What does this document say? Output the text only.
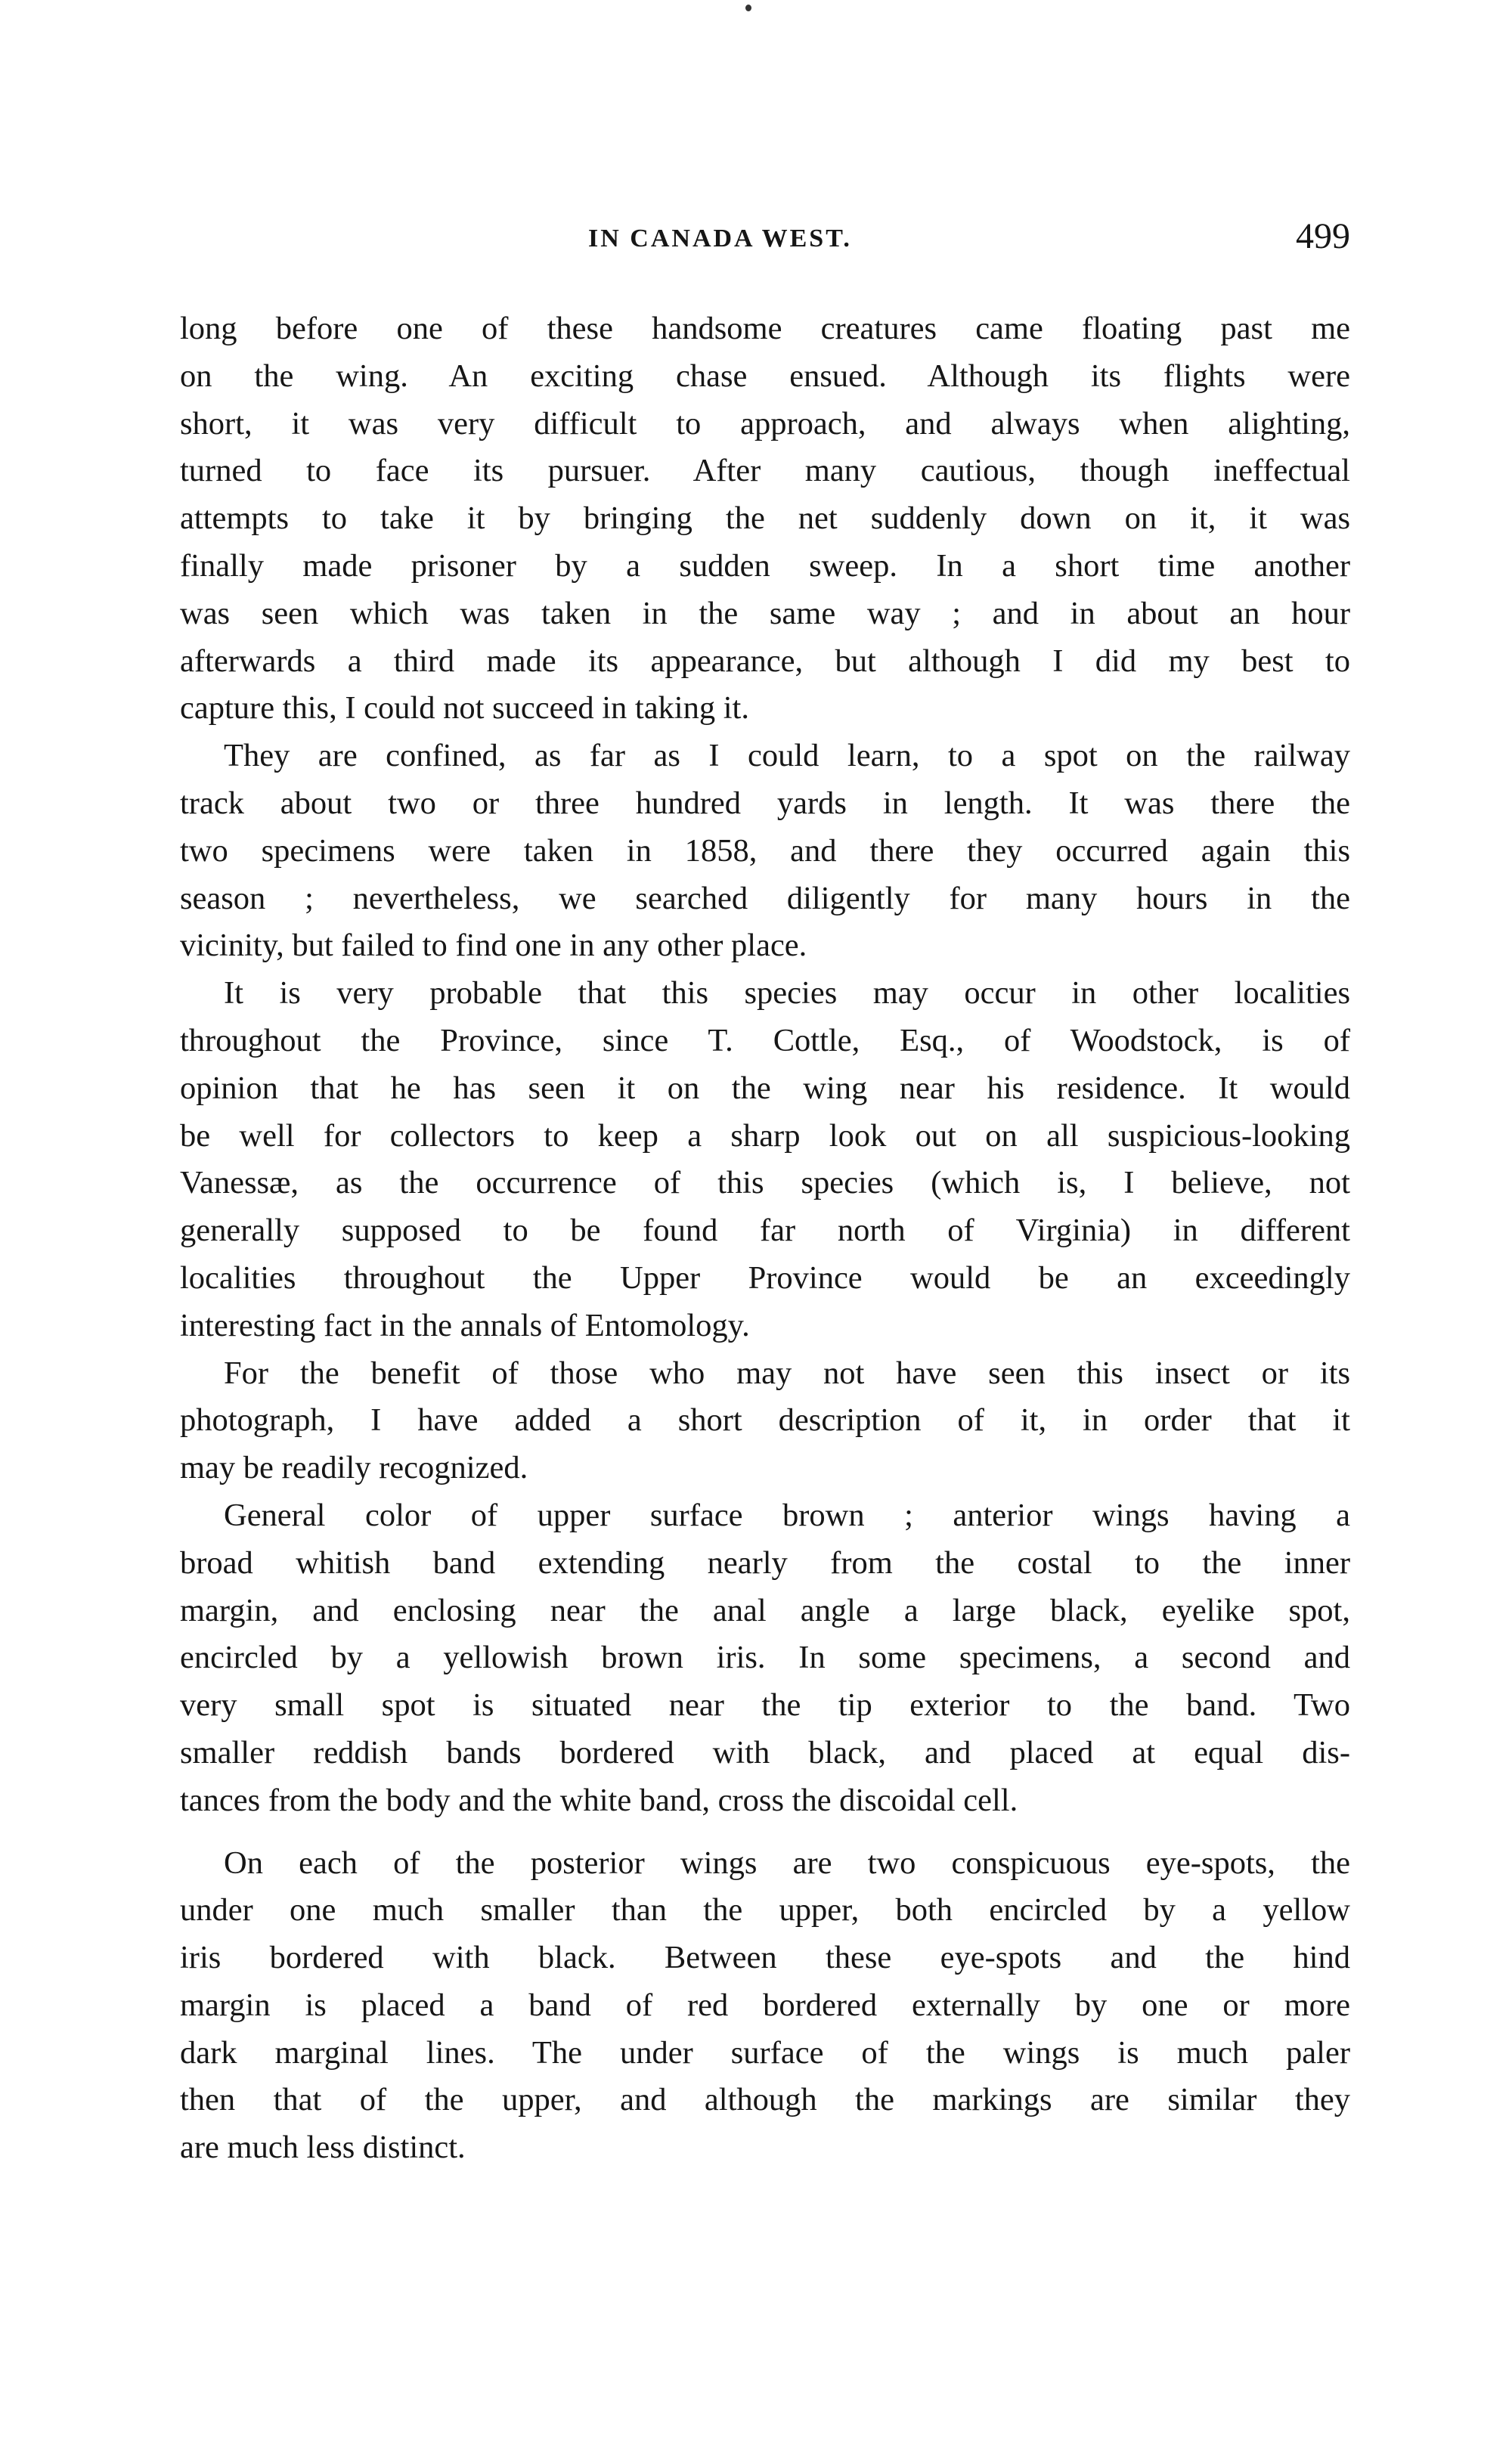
IN CANADA WEST.	499
long before one of these handsome creatures came floating past me
on the wing. An exciting chase ensued. Although its flights were
short, it was very difficult to approach, and always when alighting,
turned to face its pursuer. After many cautious, though ineffectual
attempts to take it by bringing the net suddenly down on it, it was
finally made prisoner by a sudden sweep. In a short time another
was seen which was taken in the same way ; and in about an hour
afterwards a third made its appearance, but although I did my best to
capture this, I could not succeed in taking it.
They are confined, as far as I could learn, to a spot on the railway
track about two or three hundred yards in length. It was there the
two specimens were taken in 1858, and there they occurred again this
season ; nevertheless, we searched diligently for many hours in the
vicinity, but failed to find one in any other place.
It is very probable that this species may occur in other localities
throughout the Province, since T. Cottle, Esq., of Woodstock, is of
opinion that he has seen it on the wing near his residence. It would
be well for collectors to keep a sharp look out on all suspicious-looking
Vanessæ, as the occurrence of this species (which is, I believe, not
generally supposed to be found far north of Virginia) in different
localities throughout the Upper Province would be an exceedingly
interesting fact in the annals of Entomology.
For the benefit of those who may not have seen this insect or its
photograph, I have added a short description of it, in order that it
may be readily recognized.
General color of upper surface brown ; anterior wings having a
broad whitish band extending nearly from the costal to the inner
margin, and enclosing near the anal angle a large black, eyelike spot,
encircled by a yellowish brown iris. In some specimens, a second and
very small spot is situated near the tip exterior to the band. Two
smaller reddish bands bordered with black, and placed at equal dis-
tances from the body and the white band, cross the discoidal cell.
On each of the posterior wings are two conspicuous eye-spots, the
under one much smaller than the upper, both encircled by a yellow
iris bordered with black. Between these eye-spots and the hind
margin is placed a band of red bordered externally by one or more
dark marginal lines. The under surface of the wings is much paler
then that of the upper, and although the markings are similar they
are much less distinct.
